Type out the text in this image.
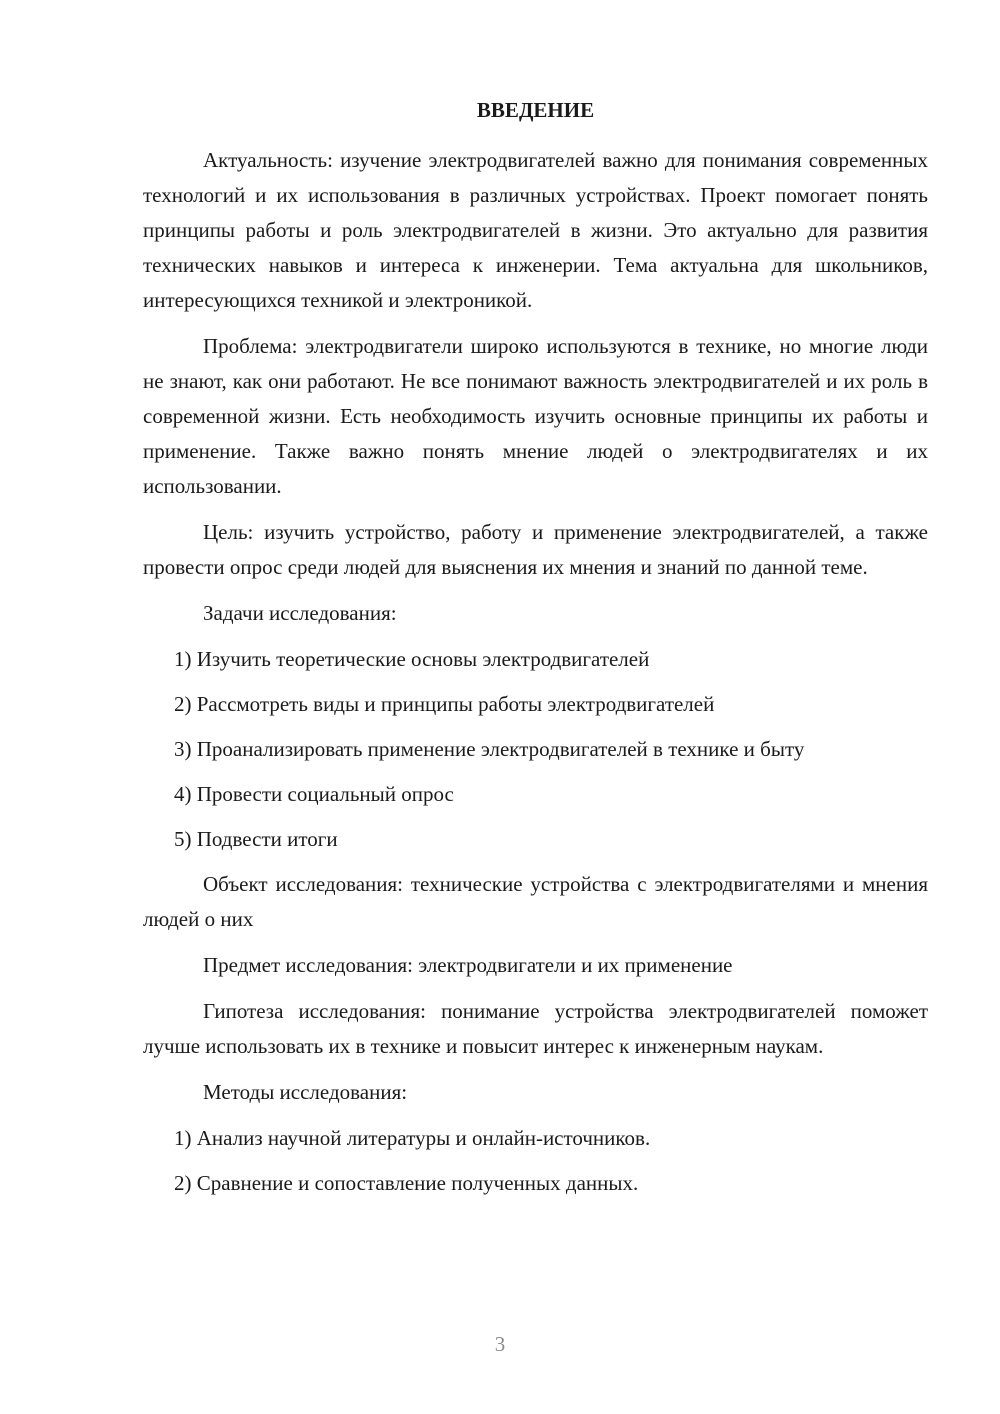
ВВЕДЕНИЕ

Актуальность: изучение электродвигателей важно для понимания современных технологий и их использования в различных устройствах. Проект помогает понять принципы работы и роль электродвигателей в жизни. Это актуально для развития технических навыков и интереса к инженерии. Тема актуальна для школьников, интересующихся техникой и электроникой.

Проблема: электродвигатели широко используются в технике, но многие люди не знают, как они работают. Не все понимают важность электродвигателей и их роль в современной жизни. Есть необходимость изучить основные принципы их работы и применение. Также важно понять мнение людей о электродвигателях и их использовании.

Цель: изучить устройство, работу и применение электродвигателей, а также провести опрос среди людей для выяснения их мнения и знаний по данной теме.

Задачи исследования:

1) Изучить теоретические основы электродвигателей
2) Рассмотреть виды и принципы работы электродвигателей
3) Проанализировать применение электродвигателей в технике и быту
4) Провести социальный опрос
5) Подвести итоги

Объект исследования: технические устройства с электродвигателями и мнения людей о них

Предмет исследования: электродвигатели и их применение

Гипотеза исследования: понимание устройства электродвигателей поможет лучше использовать их в технике и повысит интерес к инженерным наукам.

Методы исследования:

1) Анализ научной литературы и онлайн-источников.
2) Сравнение и сопоставление полученных данных.
3
